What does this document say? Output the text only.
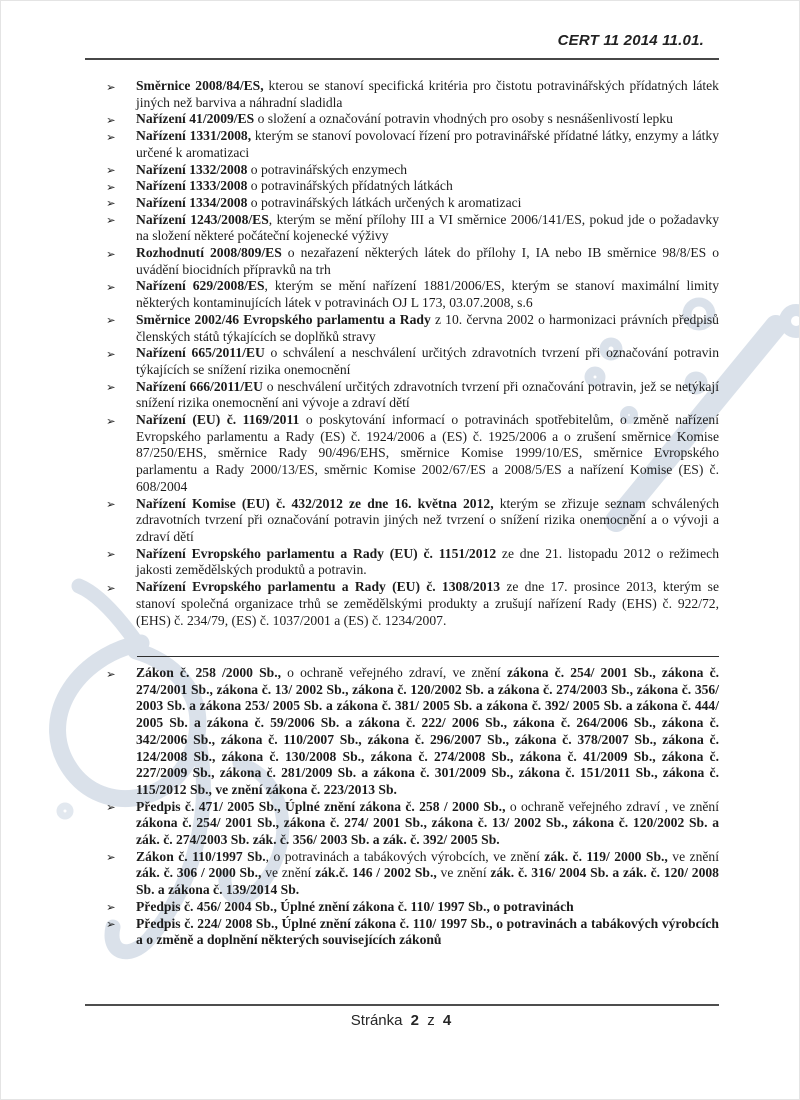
CERT 11 2014 11.01.
➢ Směrnice 2008/84/ES, kterou se stanoví specifická kritéria pro čistotu potravinářských přídatných látek jiných než barviva a náhradní sladidla
➢ Nařízení 41/2009/ES o složení a označování potravin vhodných pro osoby s nesnášenlivostí lepku
➢ Nařízení 1331/2008, kterým se stanoví povolovací řízení pro potravinářské přídatné látky, enzymy a látky určené k aromatizaci
➢ Nařízení 1332/2008 o potravinářských enzymech
➢ Nařízení 1333/2008 o potravinářských přídatných látkách
➢ Nařízení 1334/2008 o potravinářských látkách určených k aromatizaci
➢ Nařízení 1243/2008/ES, kterým se mění přílohy III a VI směrnice 2006/141/ES, pokud jde o požadavky na složení některé počáteční kojenecké výživy
➢ Rozhodnutí 2008/809/ES o nezařazení některých látek do přílohy I, IA nebo IB směrnice 98/8/ES o uvádění biocidních přípravků na trh
➢ Nařízení 629/2008/ES, kterým se mění nařízení 1881/2006/ES, kterým se stanoví maximální limity některých kontaminujících látek v potravinách OJ L 173, 03.07.2008, s.6
➢ Směrnice 2002/46 Evropského parlamentu a Rady z 10. června 2002 o harmonizaci právních předpisů členských států týkajících se doplňků stravy
➢ Nařízení 665/2011/EU o schválení a neschválení určitých zdravotních tvrzení při označování potravin týkajících se snížení rizika onemocnění
➢ Nařízení 666/2011/EU o neschválení určitých zdravotních tvrzení při označování potravin, jež se netýkají snížení rizika onemocnění ani vývoje a zdraví dětí
➢ Nařízení (EU) č. 1169/2011 o poskytování informací o potravinách spotřebitelům, o změně nařízení Evropského parlamentu a Rady (ES) č. 1924/2006 a (ES) č. 1925/2006 a o zrušení směrnice Komise 87/250/EHS, směrnice Rady 90/496/EHS, směrnice Komise 1999/10/ES, směrnice Evropského parlamentu a Rady 2000/13/ES, směrnic Komise 2002/67/ES a 2008/5/ES a nařízení Komise (ES) č. 608/2004
➢ Nařízení Komise (EU) č. 432/2012 ze dne 16. května 2012, kterým se zřizuje seznam schválených zdravotních tvrzení při označování potravin jiných než tvrzení o snížení rizika onemocnění a o vývoji a zdraví dětí
➢ Nařízení Evropského parlamentu a Rady (EU) č. 1151/2012 ze dne 21. listopadu 2012 o režimech jakosti zemědělských produktů a potravin.
➢ Nařízení Evropského parlamentu a Rady (EU) č. 1308/2013 ze dne 17. prosince 2013, kterým se stanoví společná organizace trhů se zemědělskými produkty a zrušují nařízení Rady (EHS) č. 922/72, (EHS) č. 234/79, (ES) č. 1037/2001 a (ES) č. 1234/2007.
➢ Zákon č. 258 /2000 Sb., o ochraně veřejného zdraví, ve znění zákona č. 254/ 2001 Sb., zákona č. 274/2001 Sb., zákona č. 13/ 2002 Sb., zákona č. 120/2002 Sb. a zákona č. 274/2003 Sb., zákona č. 356/ 2003 Sb. a zákona 253/ 2005 Sb. a zákona č. 381/ 2005 Sb. a zákona č. 392/ 2005 Sb. a zákona č. 444/ 2005 Sb. a zákona č. 59/2006 Sb. a zákona č. 222/ 2006 Sb., zákona č. 264/2006 Sb., zákona č. 342/2006 Sb., zákona č. 110/2007 Sb., zákona č. 296/2007 Sb., zákona č. 378/2007 Sb., zákona č. 124/2008 Sb., zákona č. 130/2008 Sb., zákona č. 274/2008 Sb., zákona č. 41/2009 Sb., zákona č. 227/2009 Sb., zákona č. 281/2009 Sb. a zákona č. 301/2009 Sb., zákona č. 151/2011 Sb., zákona č. 115/2012 Sb., ve znění zákona č. 223/2013 Sb.
➢ Předpis č. 471/ 2005 Sb., Úplné znění zákona č. 258 / 2000 Sb., o ochraně veřejného zdraví , ve znění zákona č. 254/ 2001 Sb., zákona č. 274/ 2001 Sb., zákona č. 13/ 2002 Sb., zákona č. 120/2002 Sb. a zák. č. 274/2003 Sb. zák. č. 356/ 2003 Sb. a zák. č. 392/ 2005 Sb.
➢ Zákon č. 110/1997 Sb., o potravinách a tabákových výrobcích, ve znění zák. č. 119/ 2000 Sb., ve znění zák. č. 306 / 2000 Sb., ve znění zák.č. 146 / 2002 Sb., ve znění zák. č. 316/ 2004 Sb. a zák. č. 120/ 2008 Sb. a zákona č. 139/2014 Sb.
➢ Předpis č. 456/ 2004 Sb., Úplné znění zákona č. 110/ 1997 Sb., o potravinách
➢ Předpis č. 224/ 2008 Sb., Úplné znění zákona č. 110/ 1997 Sb., o potravinách a tabákových výrobcích a o změně a doplnění některých souvisejících zákonů
Stránka 2 z 4
